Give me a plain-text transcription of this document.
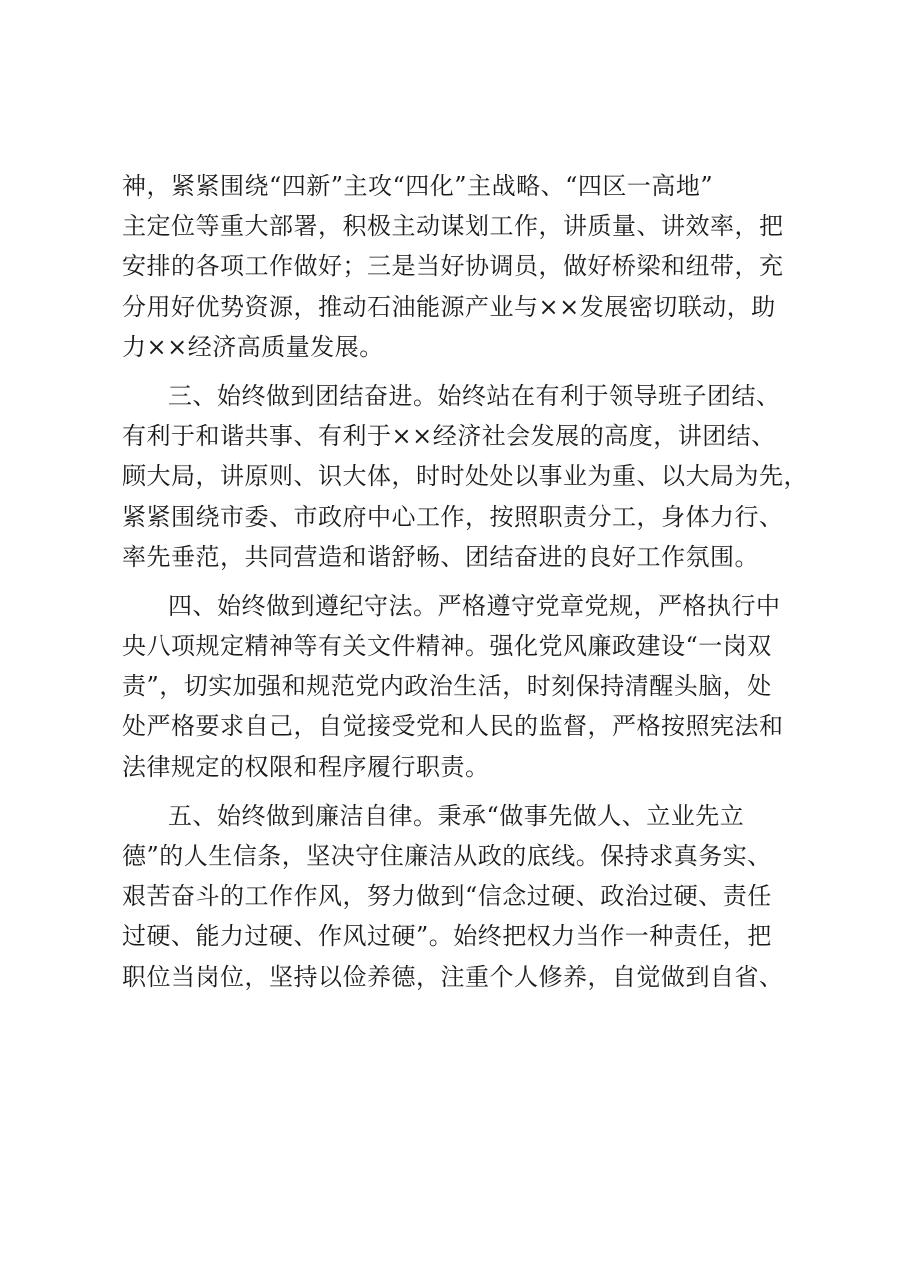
神，紧紧围绕“四新”主攻“四化”主战略、“四区一高地”
主定位等重大部署，积极主动谋划工作，讲质量、讲效率，把
安排的各项工作做好；三是当好协调员，做好桥梁和纽带，充
分用好优势资源，推动石油能源产业与××发展密切联动，助
力××经济高质量发展。
三、始终做到团结奋进。始终站在有利于领导班子团结、
有利于和谐共事、有利于××经济社会发展的高度，讲团结、
顾大局，讲原则、识大体，时时处处以事业为重、以大局为先，
紧紧围绕市委、市政府中心工作，按照职责分工，身体力行、
率先垂范，共同营造和谐舒畅、团结奋进的良好工作氛围。
四、始终做到遵纪守法。严格遵守党章党规，严格执行中
央八项规定精神等有关文件精神。强化党风廉政建设“一岗双
责”，切实加强和规范党内政治生活，时刻保持清醒头脑，处
处严格要求自己，自觉接受党和人民的监督，严格按照宪法和
法律规定的权限和程序履行职责。
五、始终做到廉洁自律。秉承“做事先做人、立业先立
德”的人生信条，坚决守住廉洁从政的底线。保持求真务实、
艰苦奋斗的工作作风，努力做到“信念过硬、政治过硬、责任
过硬、能力过硬、作风过硬”。始终把权力当作一种责任，把
职位当岗位，坚持以俭养德，注重个人修养，自觉做到自省、
